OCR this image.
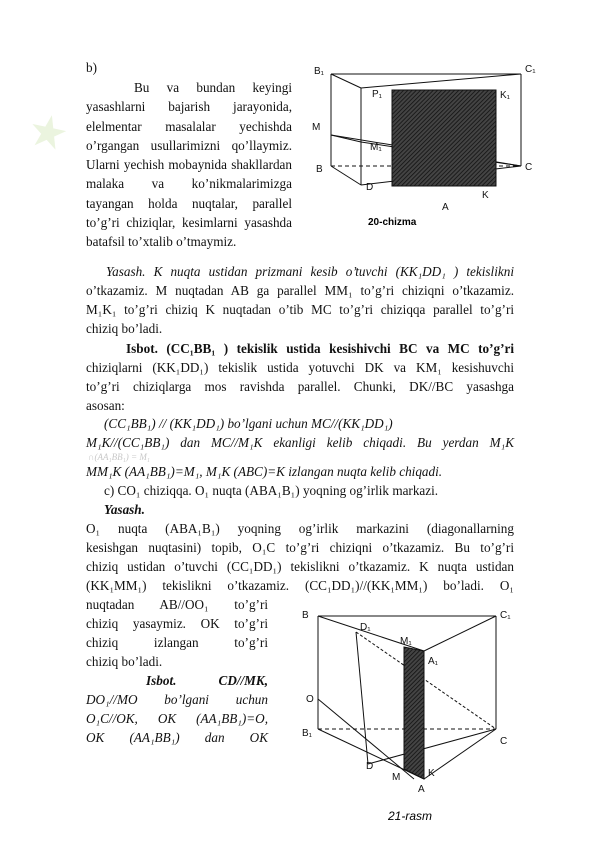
★
b)
Bu va bundan keyingi yasashlarni bajarish jarayonida, elelmentar masalalar yechishda o’rgangan usullarimizni qo’llaymiz. Ularni yechish mobaynida shakllardan malaka va ko’nikmalarimizga tayangan holda nuqtalar, parallel to’g’ri chiziqlar, kesimlarni yasashda batafsil to’xtalib o’tmaymiz.
B₁	C₁
P₁	K₁
M
M₁
B	C
D
K
A
20-chizma
Yasash. K nuqta ustidan prizmani kesib o’tuvchi (KK₁DD₁ ) tekislikni
o’tkazamiz. M nuqtadan AB ga parallel MM₁ to’g’ri chiziqni o’tkazamiz.
M₁K₁ to’g’ri chiziq K nuqtadan o’tib MC to’g’ri chiziqqa parallel to’g’ri
chiziq bo’ladi.
Isbot. (CC₁BB₁ ) tekislik ustida kesishivchi BC va MC to’g’ri
chiziqlarni (KK₁DD₁) tekislik ustida yotuvchi DK va KM₁ kesishuvchi
to’g’ri chiziqlarga mos ravishda parallel. Chunki, DK//BC yasashga
asosan:
(CC₁BB₁) // (KK₁DD₁) bo’lgani uchun MC//(KK₁DD₁)
M₁K//(CC₁BB₁) dan MC//M₁K ekanligi kelib chiqadi. Bu yerdan M₁K
∩(AA₁BB₁) = M₁
MM₁K (AA₁BB₁)=M₁, M₁K (ABC)=K izlangan nuqta kelib chiqadi.
c) CO₁ chiziqqa. O₁ nuqta (ABA₁B₁) yoqning og’irlik markazi.
Yasash.
O₁ nuqta (ABA₁B₁) yoqning og’irlik markazini (diagonallarning
kesishgan nuqtasini) topib, O₁C to’g’ri chiziqni o’tkazamiz. Bu to’g’ri
chiziq ustidan o’tuvchi (CC₁DD₁) tekislikni o’tkazamiz. K nuqta ustidan
(KK₁MM₁) tekislikni o’tkazamiz. (CC₁DD₁)//(KK₁MM₁) bo’ladi. O₁
nuqtadan AB//OO₁ to’g’ri
chiziq yasaymiz. OK to’g’ri
chiziq izlangan to’g’ri
chiziq bo’ladi.
Isbot. CD//MK,
DO₁//MO bo’lgani uchun
O₁C//OK, OK (AA₁BB₁)=O,
OK (AA₁BB₁) dan OK
B	C₁
D₁
M₁
A₁
O
B₁
C
D
M	K
A
21-rasm
